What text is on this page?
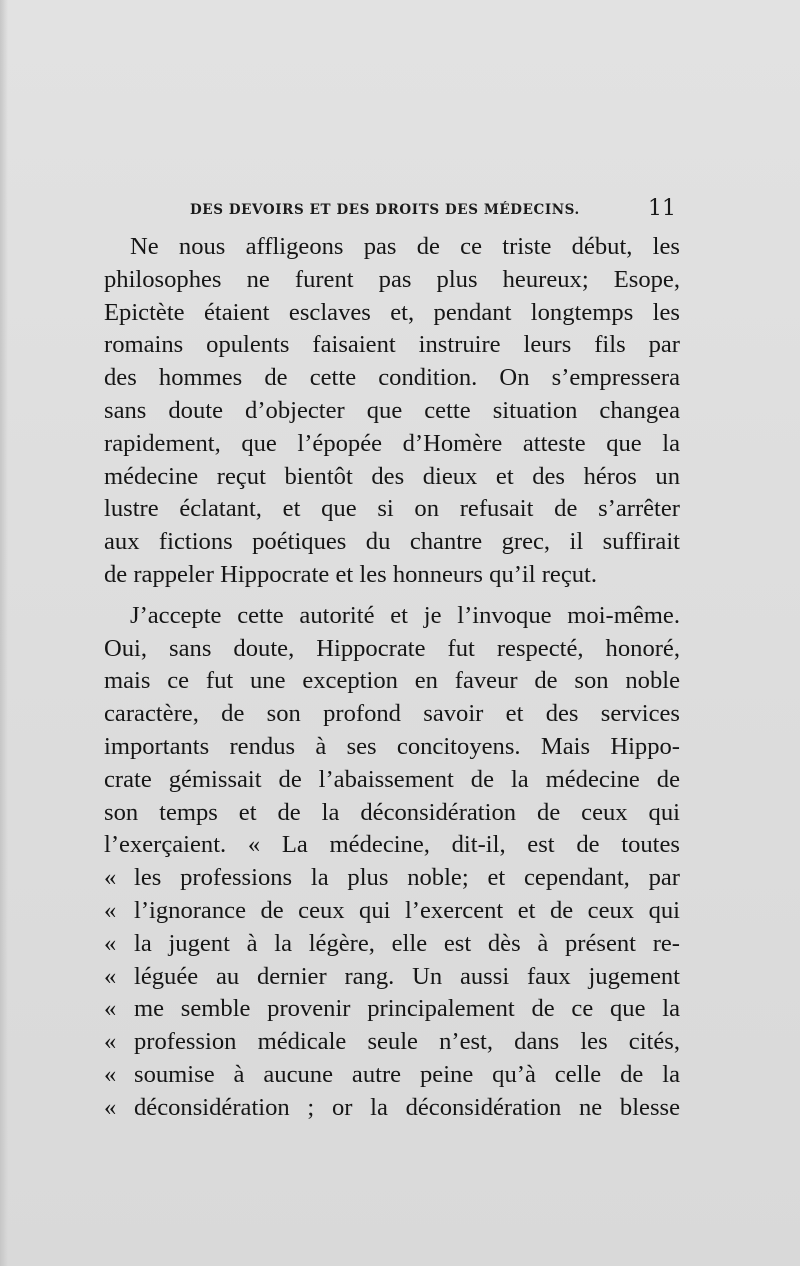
DES DEVOIRS ET DES DROITS DES MÉDECINS.	11
Ne nous affligeons pas de ce triste début, les
philosophes ne furent pas plus heureux; Esope,
Epictète étaient esclaves et, pendant longtemps les
romains opulents faisaient instruire leurs fils par
des hommes de cette condition. On s’empressera
sans doute d’objecter que cette situation changea
rapidement, que l’épopée d’Homère atteste que la
médecine reçut bientôt des dieux et des héros un
lustre éclatant, et que si on refusait de s’arrêter
aux fictions poétiques du chantre grec, il suffirait
de rappeler Hippocrate et les honneurs qu’il reçut.
J’accepte cette autorité et je l’invoque moi-même.
Oui, sans doute, Hippocrate fut respecté, honoré,
mais ce fut une exception en faveur de son noble
caractère, de son profond savoir et des services
importants rendus à ses concitoyens. Mais Hippo-
crate gémissait de l’abaissement de la médecine de
son temps et de la déconsidération de ceux qui
l’exerçaient. « La médecine, dit-il, est de toutes
« les professions la plus noble; et cependant, par
« l’ignorance de ceux qui l’exercent et de ceux qui
« la jugent à la légère, elle est dès à présent re-
« léguée au dernier rang. Un aussi faux jugement
« me semble provenir principalement de ce que la
« profession médicale seule n’est, dans les cités,
« soumise à aucune autre peine qu’à celle de la
« déconsidération ; or la déconsidération ne blesse
